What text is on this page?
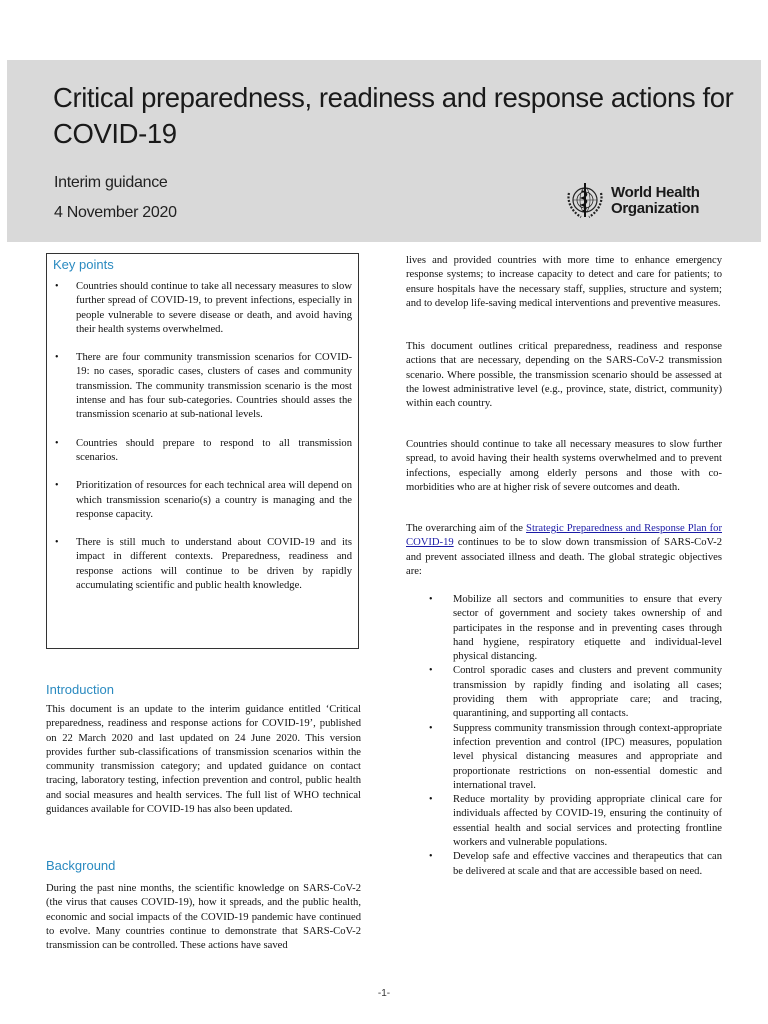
Critical preparedness, readiness and response actions for COVID-19
Interim guidance
4 November 2020
World Health
Organization
Key points
• Countries should continue to take all necessary measures to slow further spread of COVID-19, to prevent infections, especially in people vulnerable to severe disease or death, and avoid having their health systems overwhelmed.
• There are four community transmission scenarios for COVID-19: no cases, sporadic cases, clusters of cases and community transmission. The community transmission scenario is the most intense and has four sub-categories. Countries should asses the transmission scenario at sub-national levels.
• Countries should prepare to respond to all transmission scenarios.
• Prioritization of resources for each technical area will depend on which transmission scenario(s) a country is managing and the response capacity.
• There is still much to understand about COVID-19 and its impact in different contexts. Preparedness, readiness and response actions will continue to be driven by rapidly accumulating scientific and public health knowledge.
Introduction

This document is an update to the interim guidance entitled ‘Critical preparedness, readiness and response actions for COVID-19’, published on 22 March 2020 and last updated on 24 June 2020. This version provides further sub-classifications of transmission scenarios within the community transmission category; and updated guidance on contact tracing, laboratory testing, infection prevention and control, public health and social measures and health services. The full list of WHO technical guidances available for COVID-19 has also been updated.

Background

During the past nine months, the scientific knowledge on SARS-CoV-2 (the virus that causes COVID-19), how it spreads, and the public health, economic and social impacts of the COVID-19 pandemic have continued to evolve. Many countries continue to demonstrate that SARS-CoV-2 transmission can be controlled. These actions have saved

lives and provided countries with more time to enhance emergency response systems; to increase capacity to detect and care for patients; to ensure hospitals have the necessary staff, supplies, structure and system; and to develop life-saving medical interventions and preventive measures.

This document outlines critical preparedness, readiness and response actions that are necessary, depending on the SARS-CoV-2 transmission scenario. Where possible, the transmission scenario should be assessed at the lowest administrative level (e.g., province, state, district, community) within each country.

Countries should continue to take all necessary measures to slow further spread, to avoid having their health systems overwhelmed and to prevent infections, especially among elderly persons and those with co-morbidities who are at higher risk of severe outcomes and death.

The overarching aim of the Strategic Preparedness and Response Plan for COVID-19 continues to be to slow down transmission of SARS-CoV-2 and prevent associated illness and death. The global strategic objectives are:

• Mobilize all sectors and communities to ensure that every sector of government and society takes ownership of and participates in the response and in preventing cases through hand hygiene, respiratory etiquette and individual-level physical distancing.
• Control sporadic cases and clusters and prevent community transmission by rapidly finding and isolating all cases; providing them with appropriate care; and tracing, quarantining, and supporting all contacts.
• Suppress community transmission through context-appropriate infection prevention and control (IPC) measures, population level physical distancing measures and appropriate and proportionate restrictions on non-essential domestic and international travel.
• Reduce mortality by providing appropriate clinical care for individuals affected by COVID-19, ensuring the continuity of essential health and social services and protecting frontline workers and vulnerable populations.
• Develop safe and effective vaccines and therapeutics that can be delivered at scale and that are accessible based on need.
-1-
